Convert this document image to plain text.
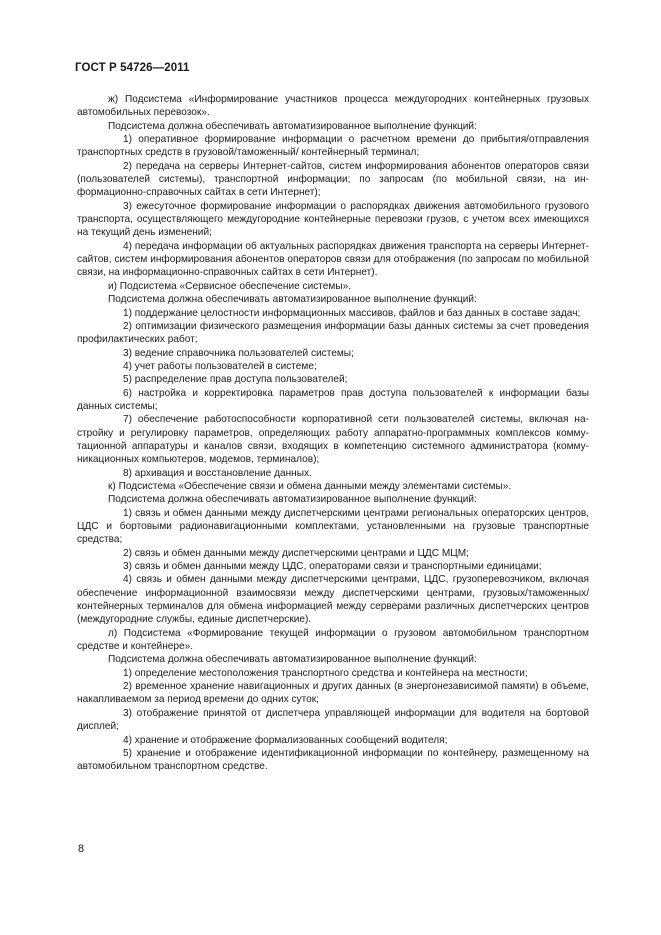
ГОСТ Р 54726—2011

ж) Подсистема «Информирование участников процесса междугородних контейнерных грузовых автомобильных перевозок».

Подсистема должна обеспечивать автоматизированное выполнение функций:

1) оперативное формирование информации о расчетном времени до прибытия/отправления транспортных средств в грузовой/таможенный/ контейнерный терминал;

2) передача на серверы Интернет-сайтов, систем информирования абонентов операторов связи (пользователей системы), транспортной информации; по запросам (по мобильной связи, на информационно-справочных сайтах в сети Интернет);

3) ежесуточное формирование информации о распорядках движения автомобильного грузового транспорта, осуществляющего междугородние контейнерные перевозки грузов, с учетом всех имеющихся на текущий день изменений;

4) передача информации об актуальных распорядках движения транспорта на серверы Интернет-сайтов, систем информирования абонентов операторов связи для отображения (по запросам по мобильной связи, на информационно-справочных сайтах в сети Интернет).

и) Подсистема «Сервисное обеспечение системы».

Подсистема должна обеспечивать автоматизированное выполнение функций:

1) поддержание целостности информационных массивов, файлов и баз данных в составе задач;

2) оптимизации физического размещения информации базы данных системы за счет проведения профилактических работ;

3) ведение справочника пользователей системы;

4) учет работы пользователей в системе;

5) распределение прав доступа пользователей;

6) настройка и корректировка параметров прав доступа пользователей к информации базы данных системы;

7) обеспечение работоспособности корпоративной сети пользователей системы, включая настройку и регулировку параметров, определяющих работу аппаратно-программных комплексов коммутационной аппаратуры и каналов связи, входящих в компетенцию системного администратора (коммуникационных компьютеров, модемов, терминалов);

8) архивация и восстановление данных.

к) Подсистема «Обеспечение связи и обмена данными между элементами системы».

Подсистема должна обеспечивать автоматизированное выполнение функций:

1) связь и обмен данными между диспетчерскими центрами региональных операторских центров, ЦДС и бортовыми радионавигационными комплектами, установленными на грузовые транспортные средства;

2) связь и обмен данными между диспетчерскими центрами и ЦДС МЦМ;

3) связь и обмен данными между ЦДС, операторами связи и транспортными единицами;

4) связь и обмен данными между диспетчерскими центрами, ЦДС, грузоперевозчиком, включая обеспечение информационной взаимосвязи между диспетчерскими центрами, грузовых/таможенных/контейнерных терминалов для обмена информацией между серверами различных диспетчерских центров (междугородние службы, единые диспетчерские).

л) Подсистема «Формирование текущей информации о грузовом автомобильном транспортном средстве и контейнере».

Подсистема должна обеспечивать автоматизированное выполнение функций:

1) определение местоположения транспортного средства и контейнера на местности;

2) временное хранение навигационных и других данных (в энергонезависимой памяти) в объеме, накапливаемом за период времени до одних суток;

3) отображение принятой от диспетчера управляющей информации для водителя на бортовой дисплей;

4) хранение и отображение формализованных сообщений водителя;

5) хранение и отображение идентификационной информации по контейнеру, размещенному на автомобильном транспортном средстве.

8
